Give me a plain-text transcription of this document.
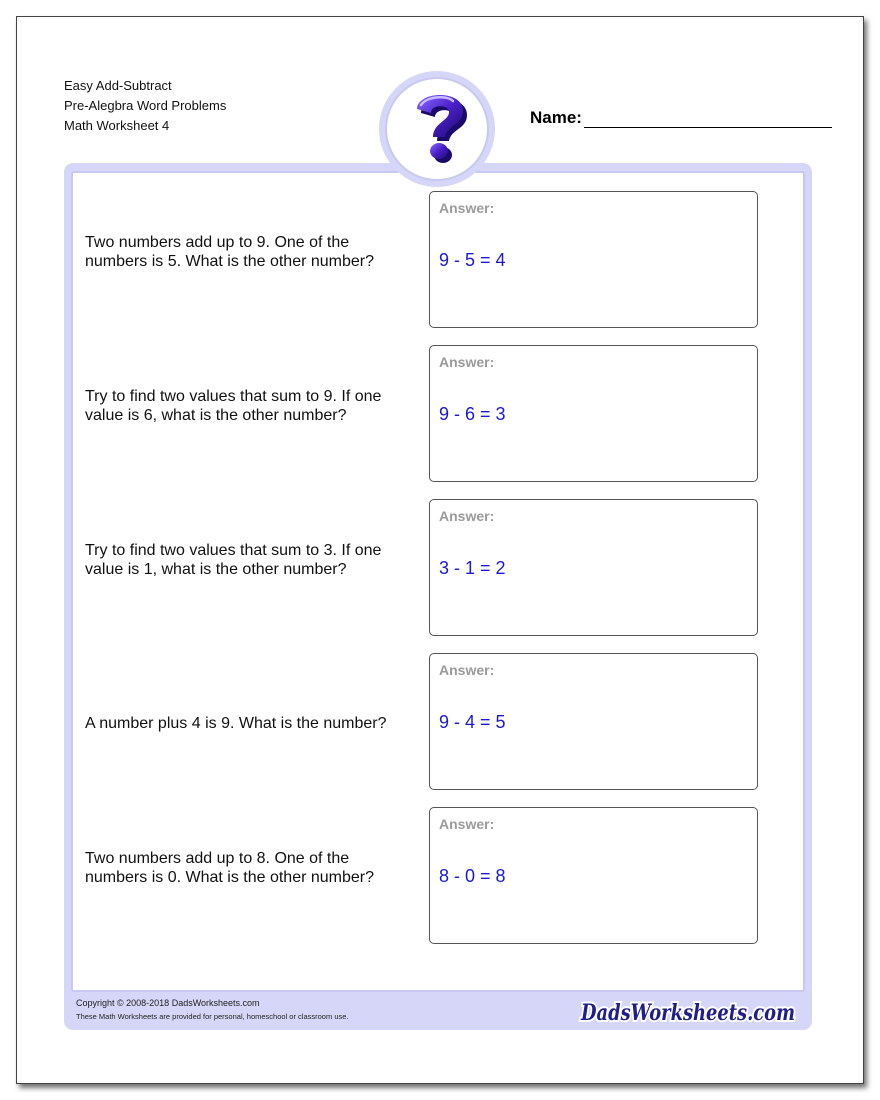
Easy Add-Subtract
Pre-Alegbra Word Problems
Math Worksheet 4	Name:
Two numbers add up to 9. One of the numbers is 5. What is the other number?
Answer:
9 - 5 = 4
Try to find two values that sum to 9. If one value is 6, what is the other number?
Answer:
9 - 6 = 3
Try to find two values that sum to 3. If one value is 1, what is the other number?
Answer:
3 - 1 = 2
A number plus 4 is 9. What is the number?
Answer:
9 - 4 = 5
Two numbers add up to 8. One of the numbers is 0. What is the other number?
Answer:
8 - 0 = 8
Copyright © 2008-2018 DadsWorksheets.com
These Math Worksheets are provided for personal, homeschool or classroom use.	DadsWorksheets.com
